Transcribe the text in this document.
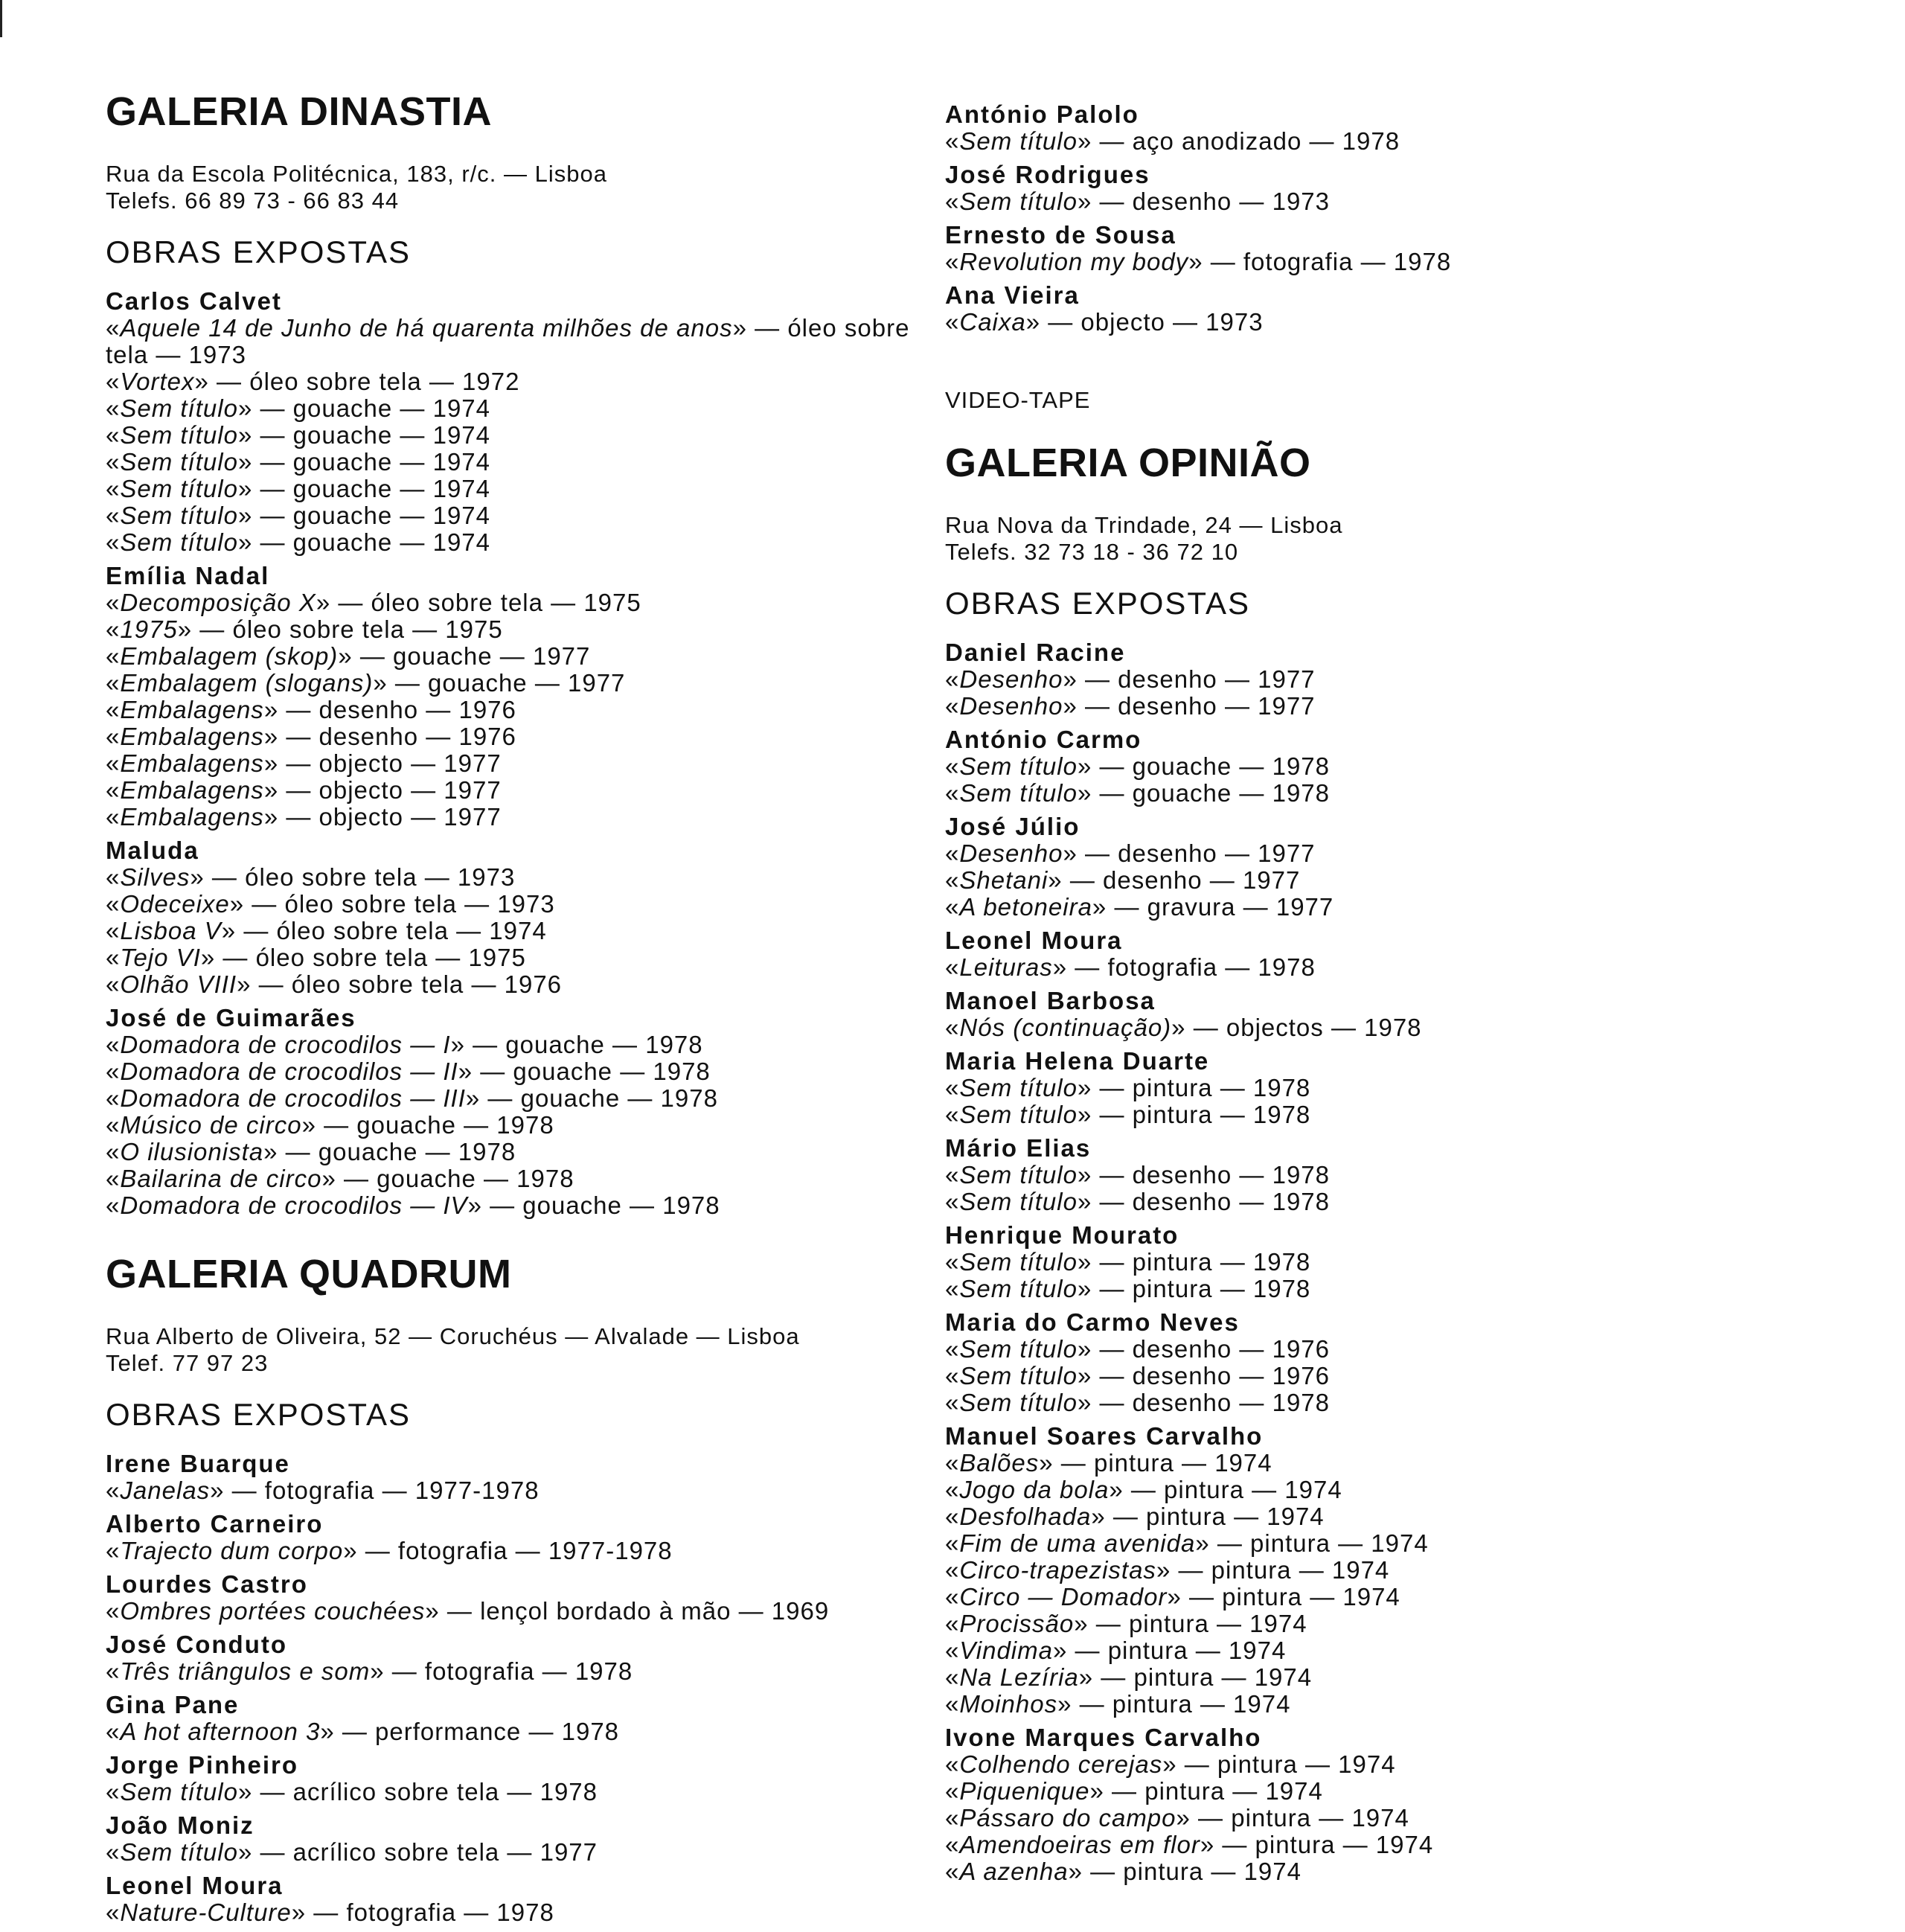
GALERIA DINASTIA
Rua da Escola Politécnica, 183, r/c. — Lisboa
Telefs. 66 89 73 - 66 83 44
OBRAS EXPOSTAS
Carlos Calvet
«Aquele 14 de Junho de há quarenta milhões de anos» — óleo sobre tela — 1973
«Vortex» — óleo sobre tela — 1972
«Sem título» — gouache — 1974
«Sem título» — gouache — 1974
«Sem título» — gouache — 1974
«Sem título» — gouache — 1974
«Sem título» — gouache — 1974
«Sem título» — gouache — 1974
Emília Nadal
«Decomposição X» — óleo sobre tela — 1975
«1975» — óleo sobre tela — 1975
«Embalagem (skop)» — gouache — 1977
«Embalagem (slogans)» — gouache — 1977
«Embalagens» — desenho — 1976
«Embalagens» — desenho — 1976
«Embalagens» — objecto — 1977
«Embalagens» — objecto — 1977
«Embalagens» — objecto — 1977
Maluda
«Silves» — óleo sobre tela — 1973
«Odeceixe» — óleo sobre tela — 1973
«Lisboa V» — óleo sobre tela — 1974
«Tejo VI» — óleo sobre tela — 1975
«Olhão VIII» — óleo sobre tela — 1976
José de Guimarães
«Domadora de crocodilos — I» — gouache — 1978
«Domadora de crocodilos — II» — gouache — 1978
«Domadora de crocodilos — III» — gouache — 1978
«Músico de circo» — gouache — 1978
«O ilusionista» — gouache — 1978
«Bailarina de circo» — gouache — 1978
«Domadora de crocodilos — IV» — gouache — 1978
GALERIA QUADRUM
Rua Alberto de Oliveira, 52 — Coruchéus — Alvalade — Lisboa
Telef. 77 97 23
OBRAS EXPOSTAS
Irene Buarque
«Janelas» — fotografia — 1977-1978
Alberto Carneiro
«Trajecto dum corpo» — fotografia — 1977-1978
Lourdes Castro
«Ombres portées couchées» — lençol bordado à mão — 1969
José Conduto
«Três triângulos e som» — fotografia — 1978
Gina Pane
«A hot afternoon 3» — performance — 1978
Jorge Pinheiro
«Sem título» — acrílico sobre tela — 1978
João Moniz
«Sem título» — acrílico sobre tela — 1977
Leonel Moura
«Nature-Culture» — fotografia — 1978
António Palolo
«Sem título» — aço anodizado — 1978
José Rodrigues
«Sem título» — desenho — 1973
Ernesto de Sousa
«Revolution my body» — fotografia — 1978
Ana Vieira
«Caixa» — objecto — 1973
VIDEO-TAPE
GALERIA OPINIÃO
Rua Nova da Trindade, 24 — Lisboa
Telefs. 32 73 18 - 36 72 10
OBRAS EXPOSTAS
Daniel Racine
«Desenho» — desenho — 1977
«Desenho» — desenho — 1977
António Carmo
«Sem título» — gouache — 1978
«Sem título» — gouache — 1978
José Júlio
«Desenho» — desenho — 1977
«Shetani» — desenho — 1977
«A betoneira» — gravura — 1977
Leonel Moura
«Leituras» — fotografia — 1978
Manoel Barbosa
«Nós (continuação)» — objectos — 1978
Maria Helena Duarte
«Sem título» — pintura — 1978
«Sem título» — pintura — 1978
Mário Elias
«Sem título» — desenho — 1978
«Sem título» — desenho — 1978
Henrique Mourato
«Sem título» — pintura — 1978
«Sem título» — pintura — 1978
Maria do Carmo Neves
«Sem título» — desenho — 1976
«Sem título» — desenho — 1976
«Sem título» — desenho — 1978
Manuel Soares Carvalho
«Balões» — pintura — 1974
«Jogo da bola» — pintura — 1974
«Desfolhada» — pintura — 1974
«Fim de uma avenida» — pintura — 1974
«Circo-trapezistas» — pintura — 1974
«Circo — Domador» — pintura — 1974
«Procissão» — pintura — 1974
«Vindima» — pintura — 1974
«Na Lezíria» — pintura — 1974
«Moinhos» — pintura — 1974
Ivone Marques Carvalho
«Colhendo cerejas» — pintura — 1974
«Piquenique» — pintura — 1974
«Pássaro do campo» — pintura — 1974
«Amendoeiras em flor» — pintura — 1974
«A azenha» — pintura — 1974
